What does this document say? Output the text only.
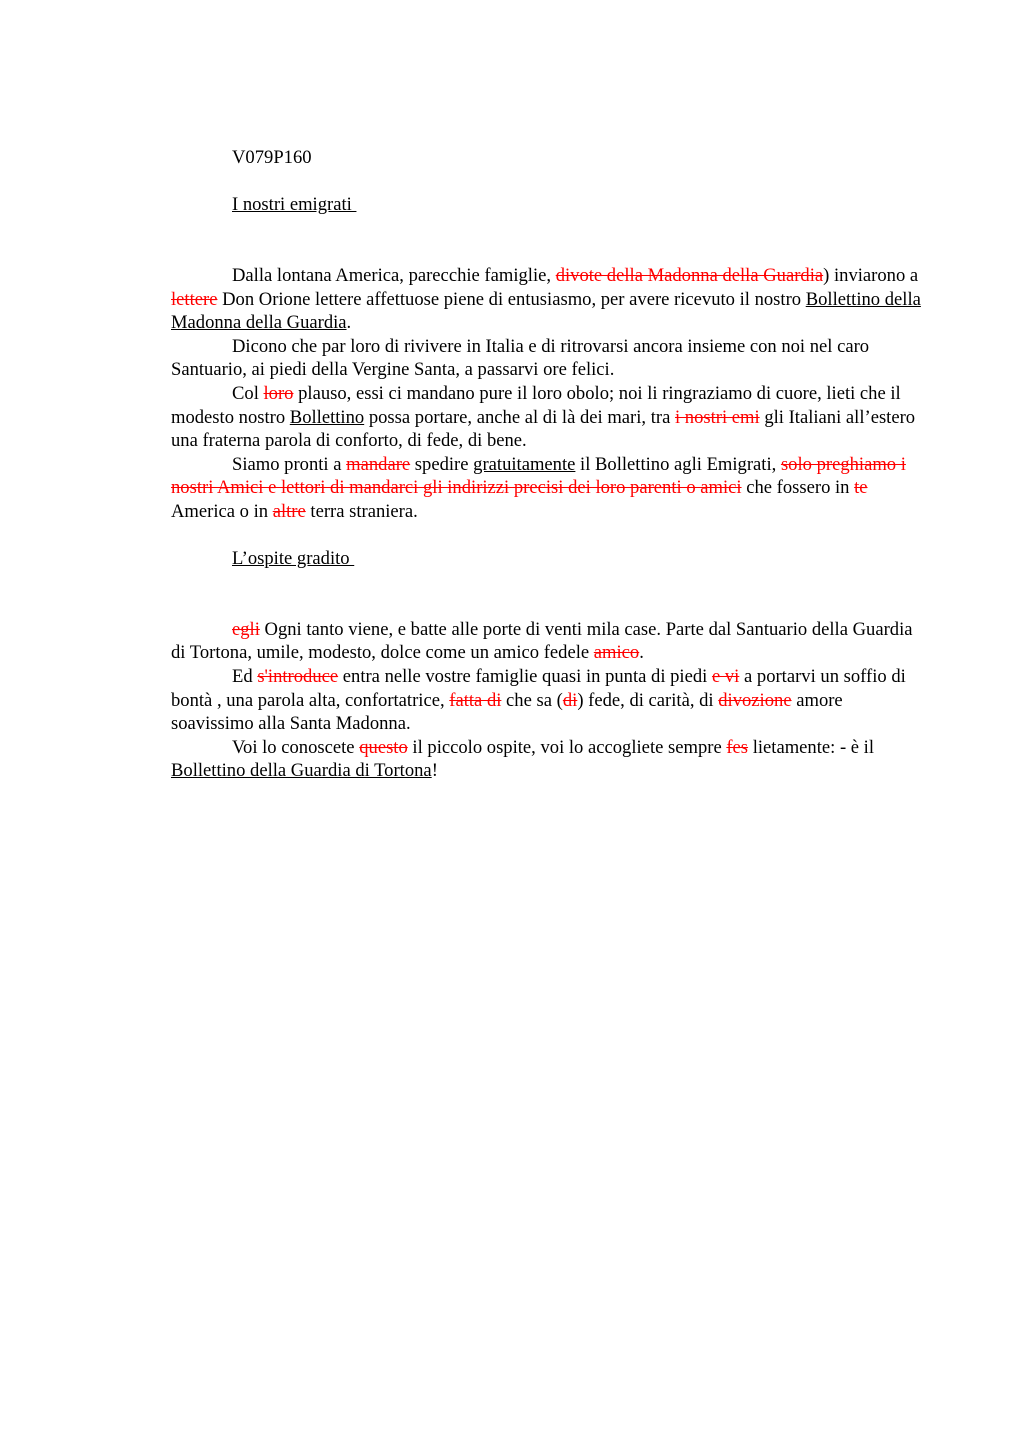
V079P160

I nostri emigrati

Dalla lontana America, parecchie famiglie, divote della Madonna della Guardia) inviarono a lettere Don Orione lettere affettuose piene di entusiasmo, per avere ricevuto il nostro Bollettino della Madonna della Guardia.

Dicono che par loro di rivivere in Italia e di ritrovarsi ancora insieme con noi nel caro Santuario, ai piedi della Vergine Santa, a passarvi ore felici.

Col loro plauso, essi ci mandano pure il loro obolo; noi li ringraziamo di cuore, lieti che il modesto nostro Bollettino possa portare, anche al di là dei mari, tra i nostri emi gli Italiani all’estero una fraterna parola di conforto, di fede, di bene.

Siamo pronti a mandare spedire gratuitamente il Bollettino agli Emigrati, solo preghiamo i nostri Amici e lettori di mandarci gli indirizzi precisi dei loro parenti o amici che fossero in te America o in altre terra straniera.

L’ospite gradito

egli Ogni tanto viene, e batte alle porte di venti mila case. Parte dal Santuario della Guardia di Tortona, umile, modesto, dolce come un amico fedele amico.

Ed s'introduce entra nelle vostre famiglie quasi in punta di piedi e vi a portarvi un soffio di bontà , una parola alta, confortatrice, fatta di che sa (di) fede, di carità, di divozione amore soavissimo alla Santa Madonna.

Voi lo conoscete questo il piccolo ospite, voi lo accogliete sempre fes lietamente: - è il Bollettino della Guardia di Tortona!
